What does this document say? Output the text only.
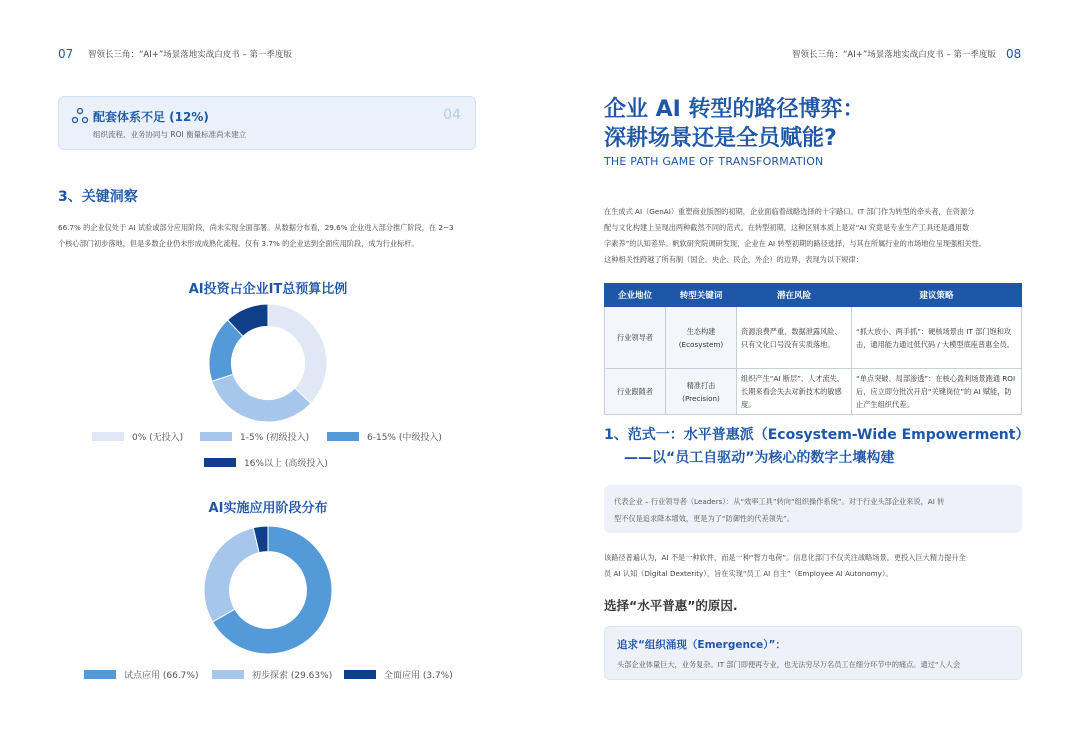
07 智领长三角：“AI+”场景落地实战白皮书 – 第一季度版
配套体系不足 (12%)
组织流程、业务协同与 ROI 衡量标准尚未建立
04
3、关键洞察
66.7% 的企业仅处于 AI 试验或部分应用阶段，尚未实现全面部署。从数据分布看，29.6% 企业进入部分推广阶段，在 2~3
个核心部门初步落地，但是多数企业仍未形成成熟化流程。仅有 3.7% 的企业达到全面应用阶段，成为行业标杆。
AI投资占企业IT总预算比例
0% (无投入)	1-5% (初级投入)	6-15% (中级投入)
16%以上 (高级投入)
AI实施应用阶段分布
试点应用 (66.7%)	初步探索 (29.63%)	全面应用 (3.7%)
智领长三角：“AI+”场景落地实战白皮书 – 第一季度版 08
企业 AI 转型的路径博弈：
深耕场景还是全员赋能?
THE PATH GAME OF TRANSFORMATION
在生成式 AI（GenAI）重塑商业版图的初期，企业面临着战略选择的十字路口。IT 部门作为转型的牵头者，在资源分
配与文化构建上呈现出两种截然不同的范式。在转型初期，这种区别本质上是对“AI 究竟是专业生产工具还是通用数
字素养”的认知差异。帆软研究院调研发现，企业在 AI 转型初期的路径选择，与其在所属行业的市场地位呈现强相关性。
这种相关性跨越了所有制（国企、央企、民企、外企）的边界，表现为以下规律：
企业地位	转型关键词	潜在风险	建议策略
行业领导者	生态构建
(Ecosystem)	资源浪费严重、数据泄露风险、只有文化口号没有实质落地。	“抓大放小、两手抓”：硬核场景由 IT 部门饱和攻击，通用能力通过低代码 / 大模型底座普惠全员。
行业跟随者	精准打击
(Precision)	组织产生“AI 断层”、人才流失、长期来看会失去对新技术的敏感度。	“单点突破、局部渗透”：在核心盈利场景跑通 ROI 后，应立即分批次开启“关键岗位”的 AI 赋能，防止产生组织代差。
1、范式一：水平普惠派（Ecosystem-Wide Empowerment）
——以“员工自驱动”为核心的数字土壤构建
代表企业 – 行业领导者（Leaders）：从“效率工具”转向“组织操作系统”。对于行业头部企业来说，AI 转
型不仅是追求降本增效，更是为了“防御性的代差领先”。
该路径普遍认为，AI 不是一种软件，而是一种“智力电荷”。信息化部门不仅关注战略场景，更投入巨大精力提升全
员 AI 认知（Digital Dexterity），旨在实现“员工 AI 自主”（Employee AI Autonomy）。
选择“水平普惠”的原因.
追求“组织涌现（Emergence）”：
头部企业体量巨大，业务复杂。IT 部门即便再专业，也无法穷尽万名员工在细分环节中的痛点。通过“人人会
